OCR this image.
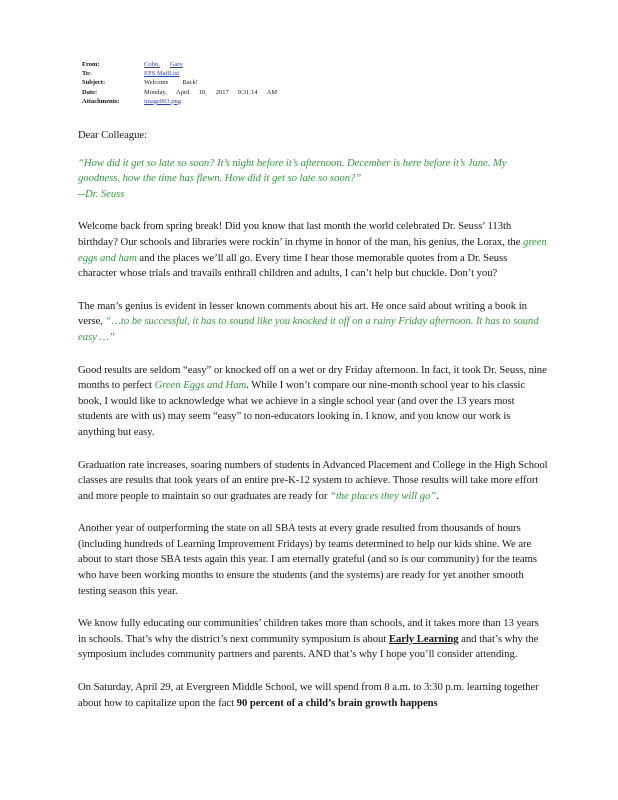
From:	Cohn, Gary
To:	EPS MailList
Subject:	Welcome Back!
Date:	Monday, April 10, 2017 9:31:14 AM
Attachments:	image003.png

Dear Colleague:

“How did it get so late so soon? It’s night before it’s afternoon. December is here before it’s June. My goodness, how the time has flewn. How did it get so late so soon?”
--Dr. Seuss

Welcome back from spring break! Did you know that last month the world celebrated Dr. Seuss’ 113th birthday? Our schools and libraries were rockin’ in rhyme in honor of the man, his genius, the Lorax, the green eggs and ham and the places we’ll all go. Every time I hear those memorable quotes from a Dr. Seuss character whose trials and travails enthrall children and adults, I can’t help but chuckle. Don’t you?

The man’s genius is evident in lesser known comments about his art. He once said about writing a book in verse, “…to be successful, it has to sound like you knocked it off on a rainy Friday afternoon. It has to sound easy …”

Good results are seldom “easy” or knocked off on a wet or dry Friday afternoon. In fact, it took Dr. Seuss, nine months to perfect Green Eggs and Ham. While I won’t compare our nine-month school year to his classic book, I would like to acknowledge what we achieve in a single school year (and over the 13 years most students are with us) may seem “easy” to non-educators looking in. I know, and you know our work is anything but easy.

Graduation rate increases, soaring numbers of students in Advanced Placement and College in the High School classes are results that took years of an entire pre-K-12 system to achieve. Those results will take more effort and more people to maintain so our graduates are ready for “the places they will go”.

Another year of outperforming the state on all SBA tests at every grade resulted from thousands of hours (including hundreds of Learning Improvement Fridays) by teams determined to help our kids shine. We are about to start those SBA tests again this year. I am eternally grateful (and so is our community) for the teams who have been working months to ensure the students (and the systems) are ready for yet another smooth testing season this year.

We know fully educating our communities’ children takes more than schools, and it takes more than 13 years in schools. That’s why the district’s next community symposium is about Early Learning and that’s why the symposium includes community partners and parents. AND that’s why I hope you’ll consider attending.

On Saturday, April 29, at Evergreen Middle School, we will spend from 8 a.m. to 3:30 p.m. learning together about how to capitalize upon the fact 90 percent of a child’s brain growth happens
